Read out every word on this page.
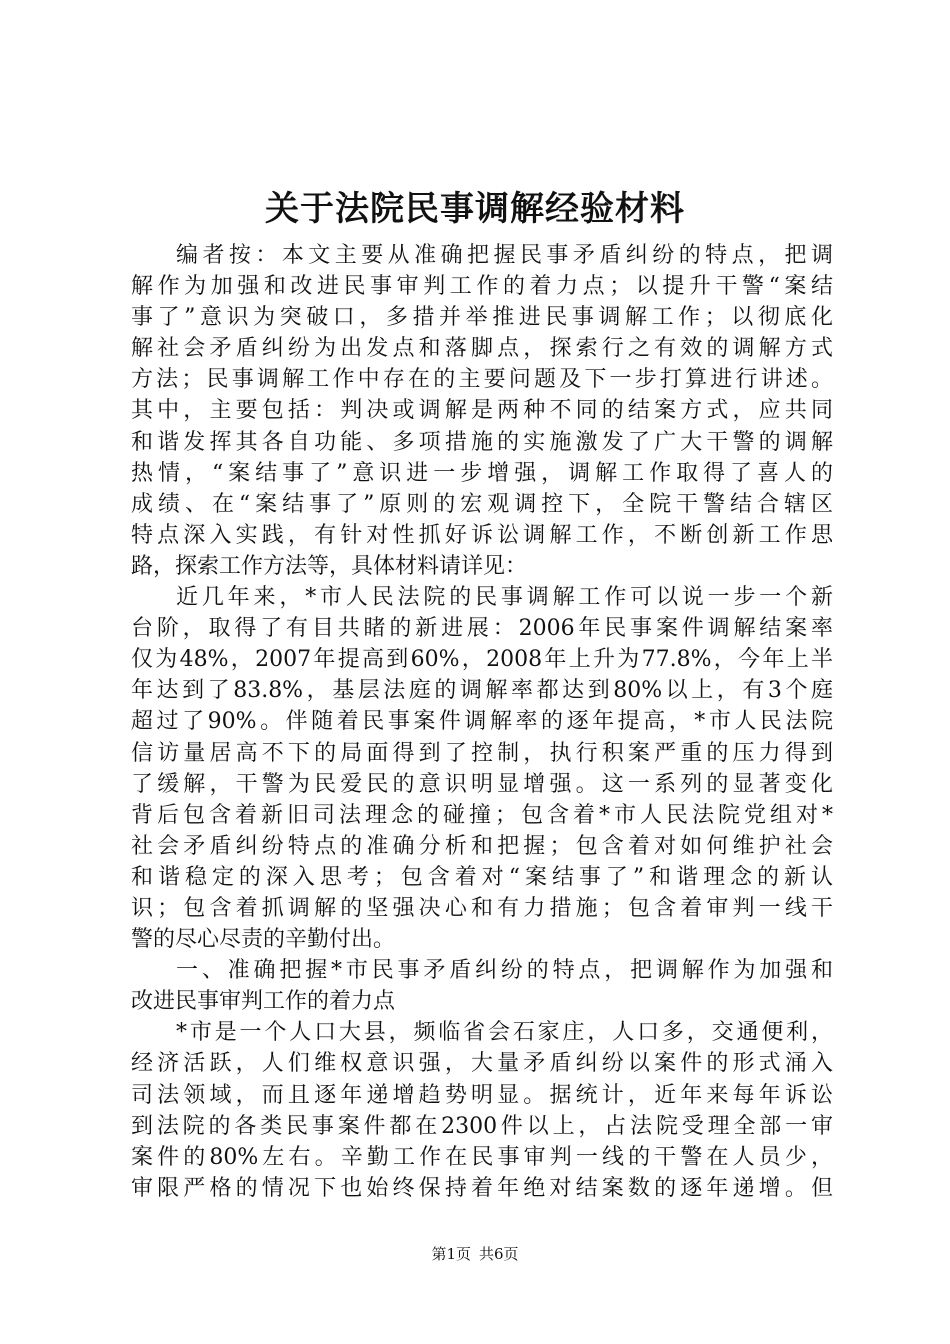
关于法院民事调解经验材料
编者按：本文主要从准确把握民事矛盾纠纷的特点，把调
解作为加强和改进民事审判工作的着力点；以提升干警“案结
事了”意识为突破口，多措并举推进民事调解工作；以彻底化
解社会矛盾纠纷为出发点和落脚点，探索行之有效的调解方式
方法；民事调解工作中存在的主要问题及下一步打算进行讲述。
其中，主要包括：判决或调解是两种不同的结案方式，应共同
和谐发挥其各自功能、多项措施的实施激发了广大干警的调解
热情，“案结事了”意识进一步增强，调解工作取得了喜人的
成绩、在“案结事了”原则的宏观调控下，全院干警结合辖区
特点深入实践，有针对性抓好诉讼调解工作，不断创新工作思
路，探索工作方法等，具体材料请详见：
近几年来，*市人民法院的民事调解工作可以说一步一个新
台阶，取得了有目共睹的新进展：2006年民事案件调解结案率
仅为48%，2007年提高到60%，2008年上升为77.8%，今年上半
年达到了83.8%，基层法庭的调解率都达到80%以上，有3个庭
超过了90%。伴随着民事案件调解率的逐年提高，*市人民法院
信访量居高不下的局面得到了控制，执行积案严重的压力得到
了缓解，干警为民爱民的意识明显增强。这一系列的显著变化
背后包含着新旧司法理念的碰撞；包含着*市人民法院党组对*
社会矛盾纠纷特点的准确分析和把握；包含着对如何维护社会
和谐稳定的深入思考；包含着对“案结事了”和谐理念的新认
识；包含着抓调解的坚强决心和有力措施；包含着审判一线干
警的尽心尽责的辛勤付出。
一、准确把握*市民事矛盾纠纷的特点，把调解作为加强和
改进民事审判工作的着力点
*市是一个人口大县，频临省会石家庄，人口多，交通便利，
经济活跃，人们维权意识强，大量矛盾纠纷以案件的形式涌入
司法领域，而且逐年递增趋势明显。据统计，近年来每年诉讼
到法院的各类民事案件都在2300件以上，占法院受理全部一审
案件的80%左右。辛勤工作在民事审判一线的干警在人员少，
审限严格的情况下也始终保持着年绝对结案数的逐年递增。但
第1页 共6页
